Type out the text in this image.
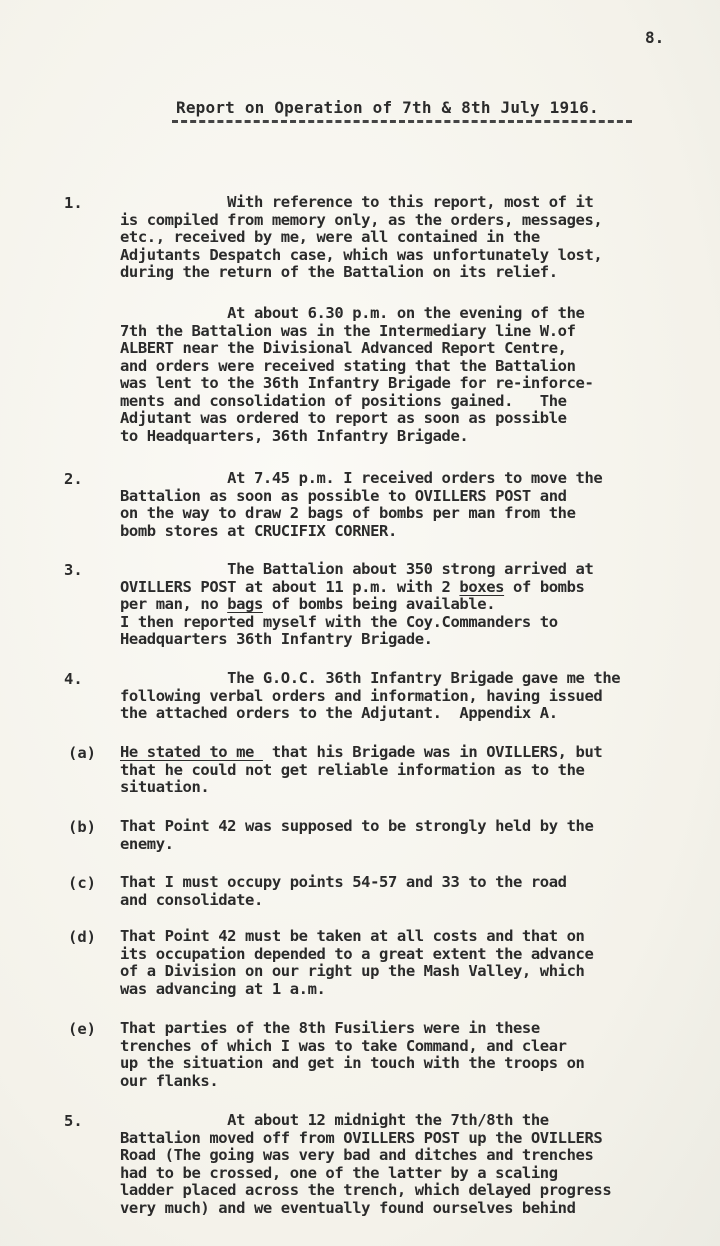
8.
Report on Operation of 7th & 8th July 1916.
1.	With reference to this report, most of it
is compiled from memory only, as the orders, messages,
etc., received by me, were all contained in the
Adjutants Despatch case, which was unfortunately lost,
during the return of the Battalion on its relief.
At about 6.30 p.m. on the evening of the
7th the Battalion was in the Intermediary line W.of
ALBERT near the Divisional Advanced Report Centre,
and orders were received stating that the Battalion
was lent to the 36th Infantry Brigade for re-inforce-
ments and consolidation of positions gained.   The
Adjutant was ordered to report as soon as possible
to Headquarters, 36th Infantry Brigade.
2.	At 7.45 p.m. I received orders to move the
Battalion as soon as possible to OVILLERS POST and
on the way to draw 2 bags of bombs per man from the
bomb stores at CRUCIFIX CORNER.
3.	The Battalion about 350 strong arrived at
OVILLERS POST at about 11 p.m. with 2 boxes of bombs
per man, no bags of bombs being available.
I then reported myself with the Coy.Commanders to
Headquarters 36th Infantry Brigade.
4.	The G.O.C. 36th Infantry Brigade gave me the
following verbal orders and information, having issued
the attached orders to the Adjutant.  Appendix A.
(a) He stated to me  that his Brigade was in OVILLERS, but
that he could not get reliable information as to the
situation.
(b) That Point 42 was supposed to be strongly held by the
enemy.
(c) That I must occupy points 54-57 and 33 to the road
and consolidate.
(d) That Point 42 must be taken at all costs and that on
its occupation depended to a great extent the advance
of a Division on our right up the Mash Valley, which
was advancing at 1 a.m.
(e) That parties of the 8th Fusiliers were in these
trenches of which I was to take Command, and clear
up the situation and get in touch with the troops on
our flanks.
5.	At about 12 midnight the 7th/8th the
Battalion moved off from OVILLERS POST up the OVILLERS
Road (The going was very bad and ditches and trenches
had to be crossed, one of the latter by a scaling
ladder placed across the trench, which delayed progress
very much) and we eventually found ourselves behind
